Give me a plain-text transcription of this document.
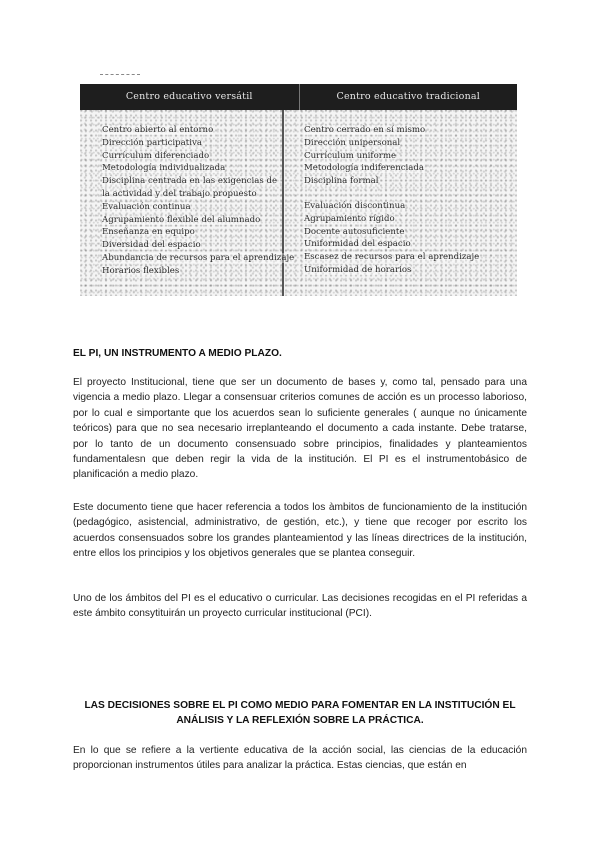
Centro educativo versátil	Centro educativo tradicional
Centro abierto al entorno
Dirección participativa
Currículum diferenciado
Metodología individualizada
Disciplina centrada en las exigencias de
la actividad y del trabajo propuesto
Evaluación continua
Agrupamiento flexible del alumnado
Enseñanza en equipo
Diversidad del espacio
Abundancia de recursos para el aprendizaje
Horarios flexibles
Centro cerrado en sí mismo
Dirección unipersonal
Currículum uniforme
Metodología indiferenciada
Disciplina formal
Evaluación discontinua
Agrupamiento rígido
Docente autosuficiente
Uniformidad del espacio
Escasez de recursos para el aprendizaje
Uniformidad de horarios
EL PI, UN INSTRUMENTO A MEDIO PLAZO.

El proyecto Institucional, tiene que ser un documento de bases y, como tal, pensado para una vigencia a medio plazo. Llegar a consensuar criterios comunes de acción es un processo laborioso, por lo cual e simportante que los acuerdos sean lo suficiente generales ( aunque no únicamente teóricos) para que no sea necesario irreplanteando el documento a cada instante. Debe tratarse, por lo tanto de un documento consensuado sobre principios, finalidades y planteamientos fundamentalesn que deben regir la vida de la institución. El PI es el instrumentobásico de planificación a medio plazo.

Este documento tiene que hacer referencia a todos los àmbitos de funcionamiento de la institución (pedagógico, asistencial, administrativo, de gestión, etc.), y tiene que recoger por escrito los acuerdos consensuados sobre los grandes planteamientod y las líneas directrices de la institución, entre ellos los principios y los objetivos generales que se plantea conseguir.

Uno de los ámbitos del PI es el educativo o curricular. Las decisiones recogidas en el PI referidas a este ámbito consytituirán un proyecto curricular institucional (PCI).

LAS DECISIONES SOBRE EL PI COMO MEDIO PARA FOMENTAR EN LA INSTITUCIÓN EL ANÁLISIS Y LA REFLEXIÓN SOBRE LA PRÁCTICA.

En lo que se refiere a la vertiente educativa de la acción social, las ciencias de la educación proporcionan instrumentos útiles para analizar la práctica. Estas ciencias, que están en
